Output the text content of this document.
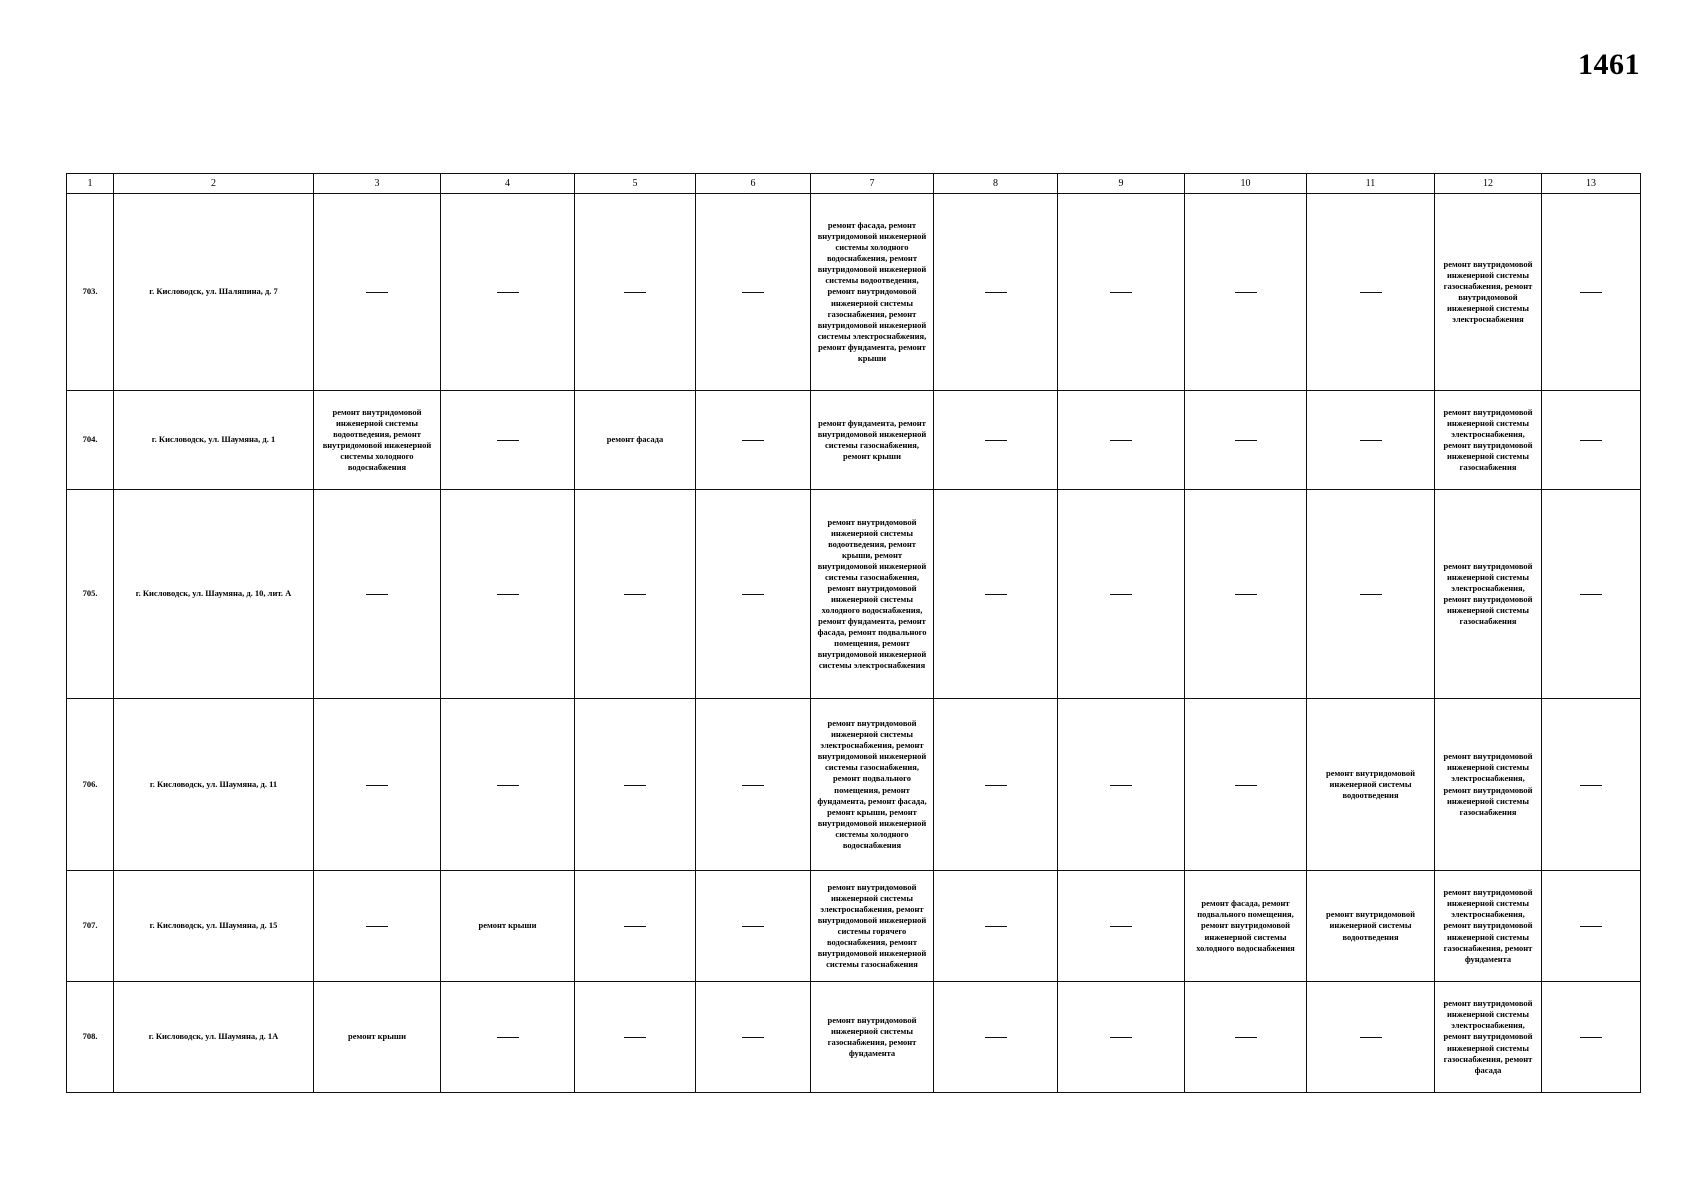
1461
1	2	3	4	5	6	7	8	9	10	11	12	13
703.	г. Кисловодск, ул. Шаляпина, д. 7					ремонт фасада, ремонт внутридомовой инженерной системы холодного водоснабжения, ремонт внутридомовой инженерной системы водоотведения, ремонт внутридомовой инженерной системы газоснабжения, ремонт внутридомовой инженерной системы электроснабжения, ремонт фундамента, ремонт крыши					ремонт внутридомовой инженерной системы газоснабжения, ремонт внутридомовой инженерной системы электроснабжения	
704.	г. Кисловодск, ул. Шаумяна, д. 1	ремонт внутридомовой инженерной системы водоотведения, ремонт внутридомовой инженерной системы холодного водоснабжения		ремонт фасада		ремонт фундамента, ремонт внутридомовой инженерной системы газоснабжения, ремонт крыши					ремонт внутридомовой инженерной системы электроснабжения, ремонт внутридомовой инженерной системы газоснабжения	
705.	г. Кисловодск, ул. Шаумяна, д. 10, лит. А					ремонт внутридомовой инженерной системы водоотведения, ремонт крыши, ремонт внутридомовой инженерной системы газоснабжения, ремонт внутридомовой инженерной системы холодного водоснабжения, ремонт фундамента, ремонт фасада, ремонт подвального помещения, ремонт внутридомовой инженерной системы электроснабжения					ремонт внутридомовой инженерной системы электроснабжения, ремонт внутридомовой инженерной системы газоснабжения	
706.	г. Кисловодск, ул. Шаумяна, д. 11					ремонт внутридомовой инженерной системы электроснабжения, ремонт внутридомовой инженерной системы газоснабжения, ремонт подвального помещения, ремонт фундамента, ремонт фасада, ремонт крыши, ремонт внутридомовой инженерной системы холодного водоснабжения				ремонт внутридомовой инженерной системы водоотведения	ремонт внутридомовой инженерной системы электроснабжения, ремонт внутридомовой инженерной системы газоснабжения	
707.	г. Кисловодск, ул. Шаумяна, д. 15		ремонт крыши			ремонт внутридомовой инженерной системы электроснабжения, ремонт внутридомовой инженерной системы горячего водоснабжения, ремонт внутридомовой инженерной системы газоснабжения			ремонт фасада, ремонт подвального помещения, ремонт внутридомовой инженерной системы холодного водоснабжения	ремонт внутридомовой инженерной системы водоотведения	ремонт внутридомовой инженерной системы электроснабжения, ремонт внутридомовой инженерной системы газоснабжения, ремонт фундамента	
708.	г. Кисловодск, ул. Шаумяна, д. 1А	ремонт крыши				ремонт внутридомовой инженерной системы газоснабжения, ремонт фундамента					ремонт внутридомовой инженерной системы электроснабжения, ремонт внутридомовой инженерной системы газоснабжения, ремонт фасада	
